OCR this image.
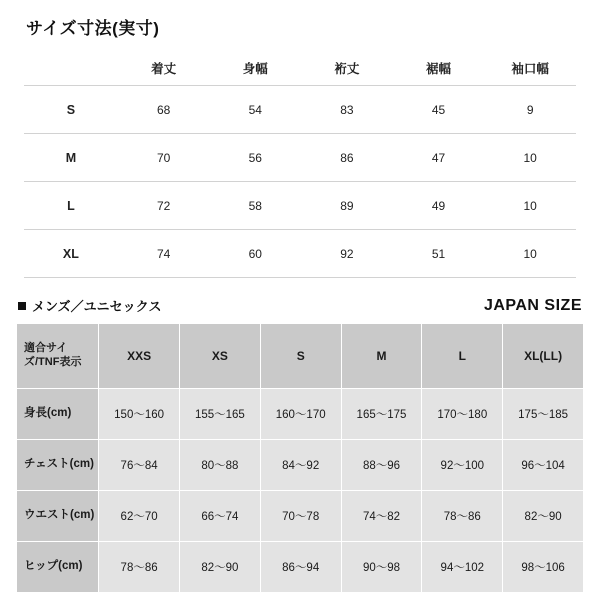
サイズ寸法(実寸)
	着丈	身幅	裄丈	裾幅	袖口幅
S	68	54	83	45	9
M	70	56	86	47	10
L	72	58	89	49	10
XL	74	60	92	51	10
メンズ／ユニセックス	JAPAN SIZE
適合サイズ/TNF表示	XXS	XS	S	M	L	XL(LL)
身長(cm)	150〜160	155〜165	160〜170	165〜175	170〜180	175〜185
チェスト(cm)	76〜84	80〜88	84〜92	88〜96	92〜100	96〜104
ウエスト(cm)	62〜70	66〜74	70〜78	74〜82	78〜86	82〜90
ヒップ(cm)	78〜86	82〜90	86〜94	90〜98	94〜102	98〜106
